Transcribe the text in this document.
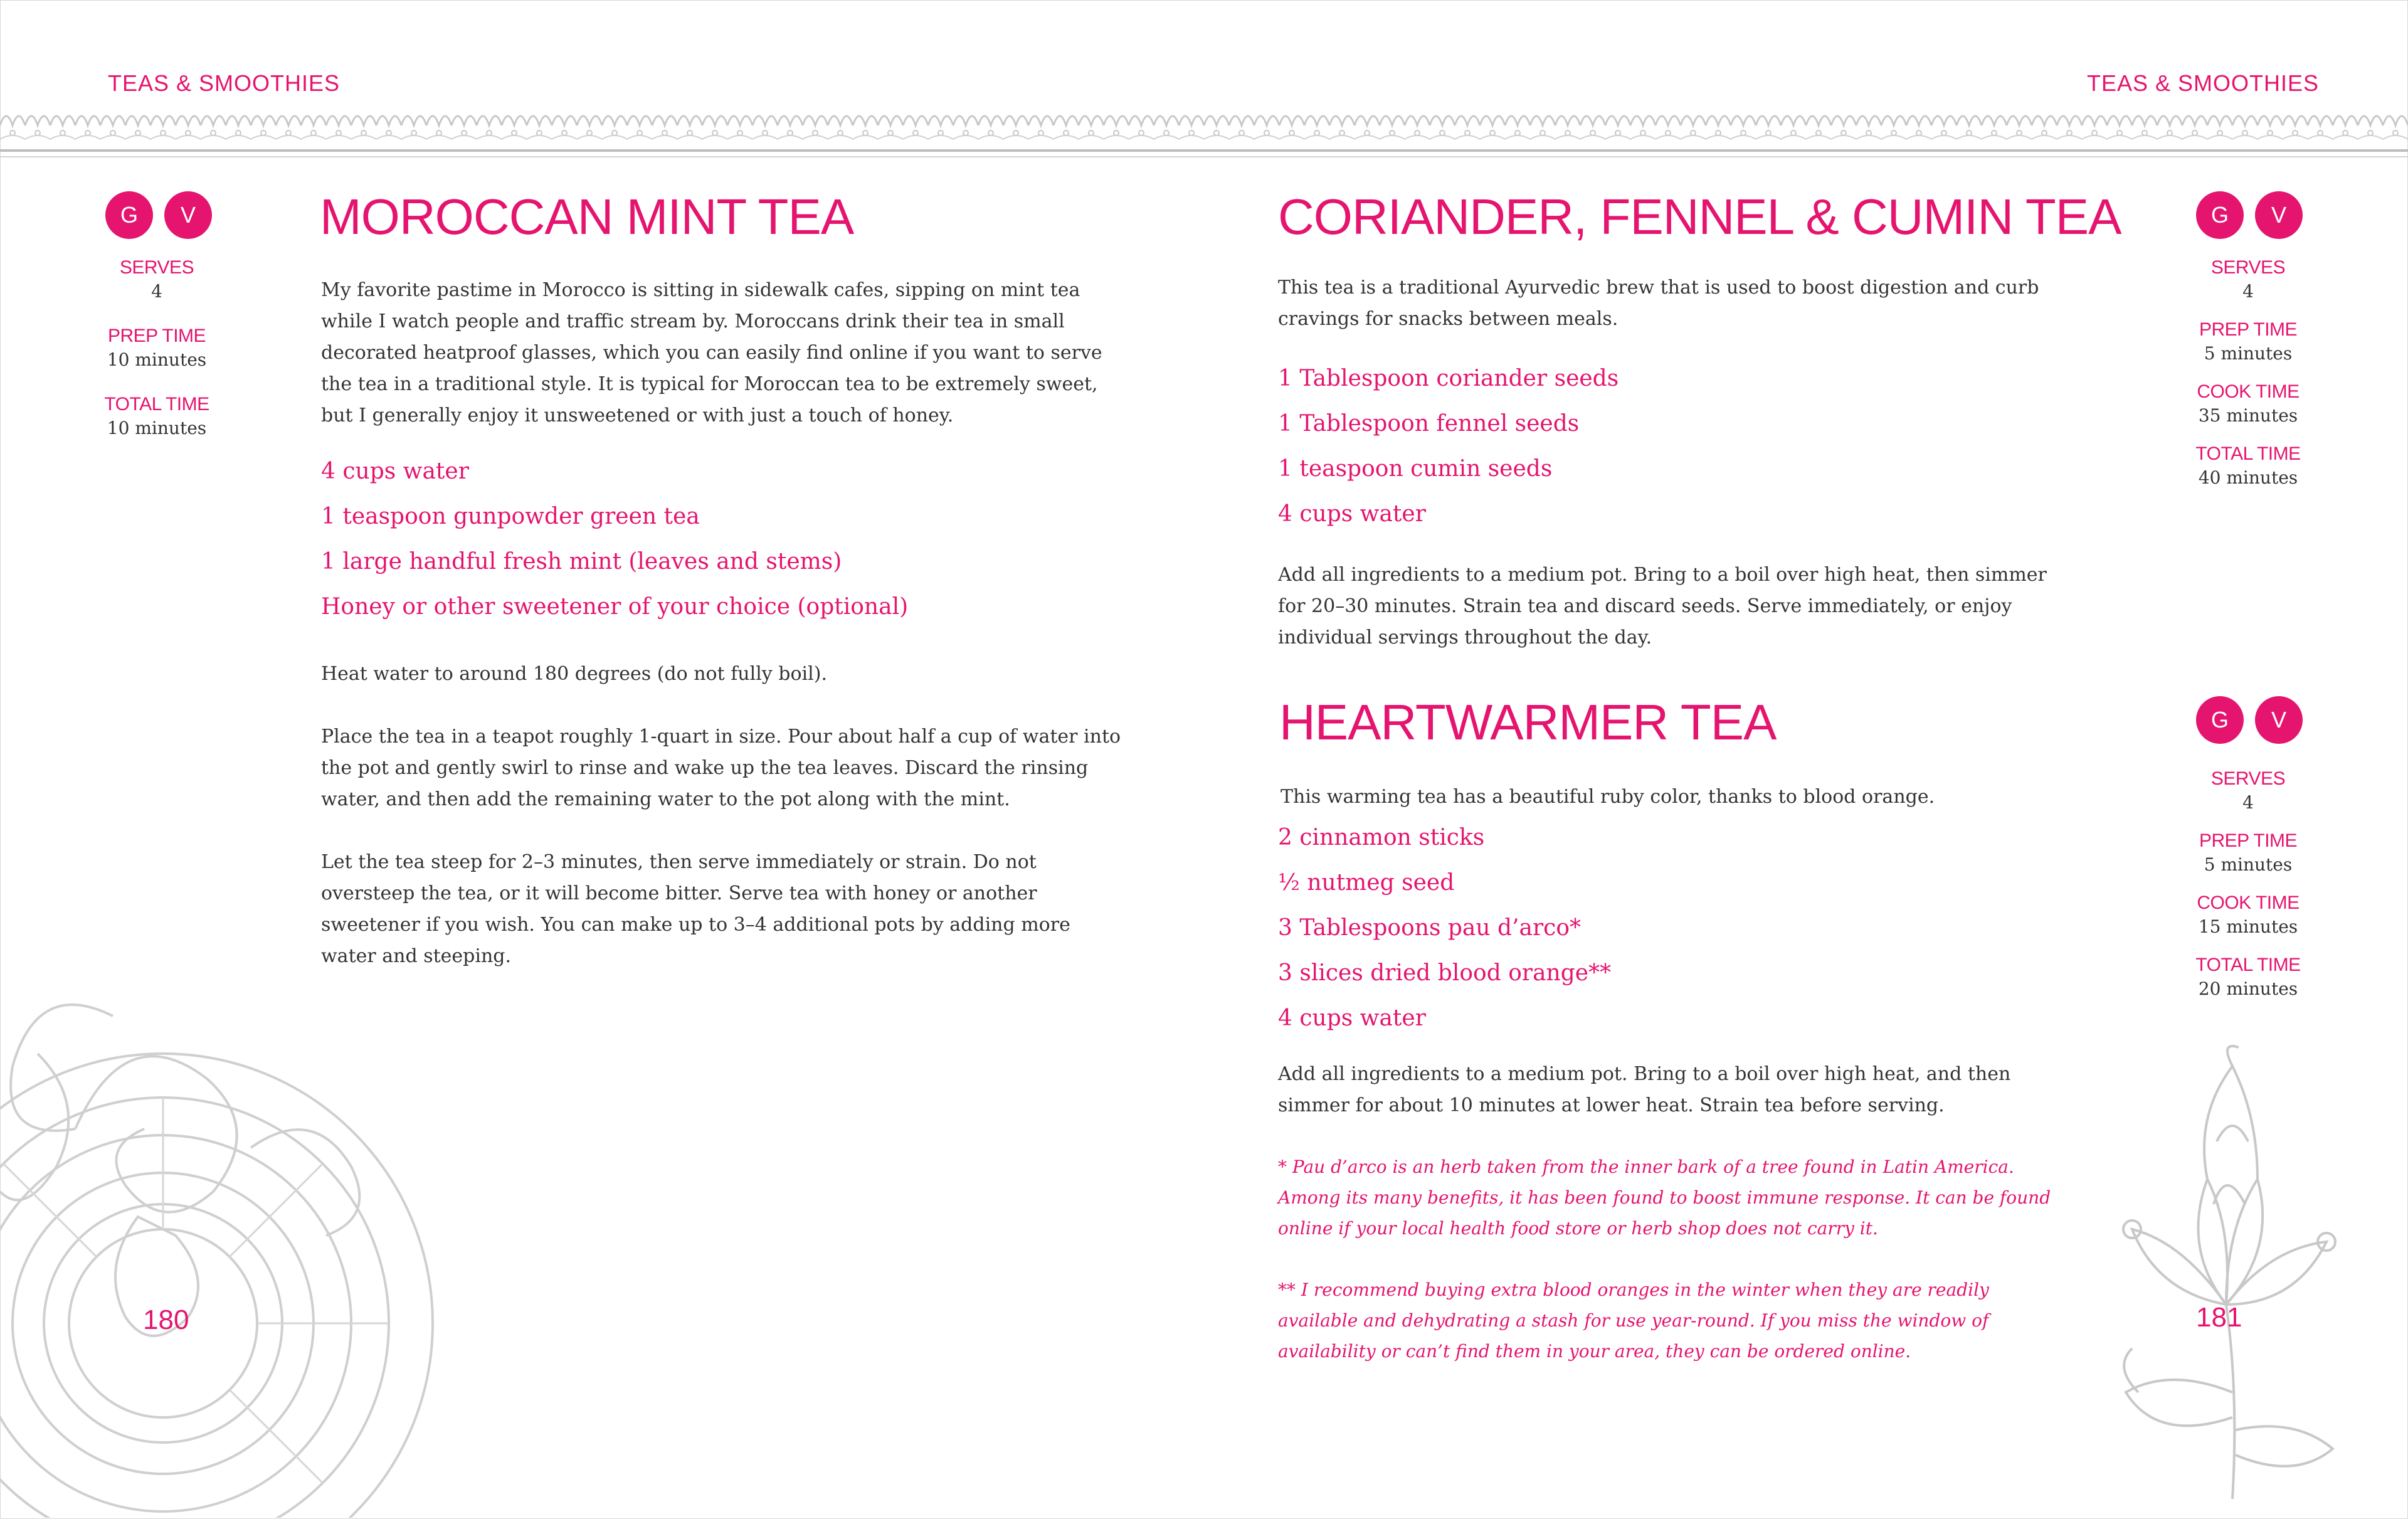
TEAS & SMOOTHIES
G	V
SERVES
4
PREP TIME
10 minutes
TOTAL TIME
10 minutes
MOROCCAN MINT TEA

My favorite pastime in Morocco is sitting in sidewalk cafes, sipping on mint tea while I watch people and traffic stream by. Moroccans drink their tea in small decorated heatproof glasses, which you can easily find online if you want to serve the tea in a traditional style. It is typical for Moroccan tea to be extremely sweet, but I generally enjoy it unsweetened or with just a touch of honey.

4 cups water
1 teaspoon gunpowder green tea
1 large handful fresh mint (leaves and stems)
Honey or other sweetener of your choice (optional)

Heat water to around 180 degrees (do not fully boil).

Place the tea in a teapot roughly 1-quart in size. Pour about half a cup of water into the pot and gently swirl to rinse and wake up the tea leaves. Discard the rinsing water, and then add the remaining water to the pot along with the mint.

Let the tea steep for 2–3 minutes, then serve immediately or strain. Do not oversteep the tea, or it will become bitter. Serve tea with honey or another sweetener if you wish. You can make up to 3–4 additional pots by adding more water and steeping.

180
TEAS & SMOOTHIES
CORIANDER, FENNEL & CUMIN TEA	G	V
SERVES
4
PREP TIME
5 minutes
COOK TIME
35 minutes
TOTAL TIME
40 minutes

This tea is a traditional Ayurvedic brew that is used to boost digestion and curb cravings for snacks between meals.

1 Tablespoon coriander seeds
1 Tablespoon fennel seeds
1 teaspoon cumin seeds
4 cups water

Add all ingredients to a medium pot. Bring to a boil over high heat, then simmer for 20–30 minutes. Strain tea and discard seeds. Serve immediately, or enjoy individual servings throughout the day.

HEARTWARMER TEA	G	V
SERVES
4
PREP TIME
5 minutes
COOK TIME
15 minutes
TOTAL TIME
20 minutes

This warming tea has a beautiful ruby color, thanks to blood orange.

2 cinnamon sticks
½ nutmeg seed
3 Tablespoons pau d’arco*
3 slices dried blood orange**
4 cups water

Add all ingredients to a medium pot. Bring to a boil over high heat, and then simmer for about 10 minutes at lower heat. Strain tea before serving.

* Pau d’arco is an herb taken from the inner bark of a tree found in Latin America. Among its many benefits, it has been found to boost immune response. It can be found online if your local health food store or herb shop does not carry it.

** I recommend buying extra blood oranges in the winter when they are readily available and dehydrating a stash for use year-round. If you miss the window of availability or can’t find them in your area, they can be ordered online.

181
